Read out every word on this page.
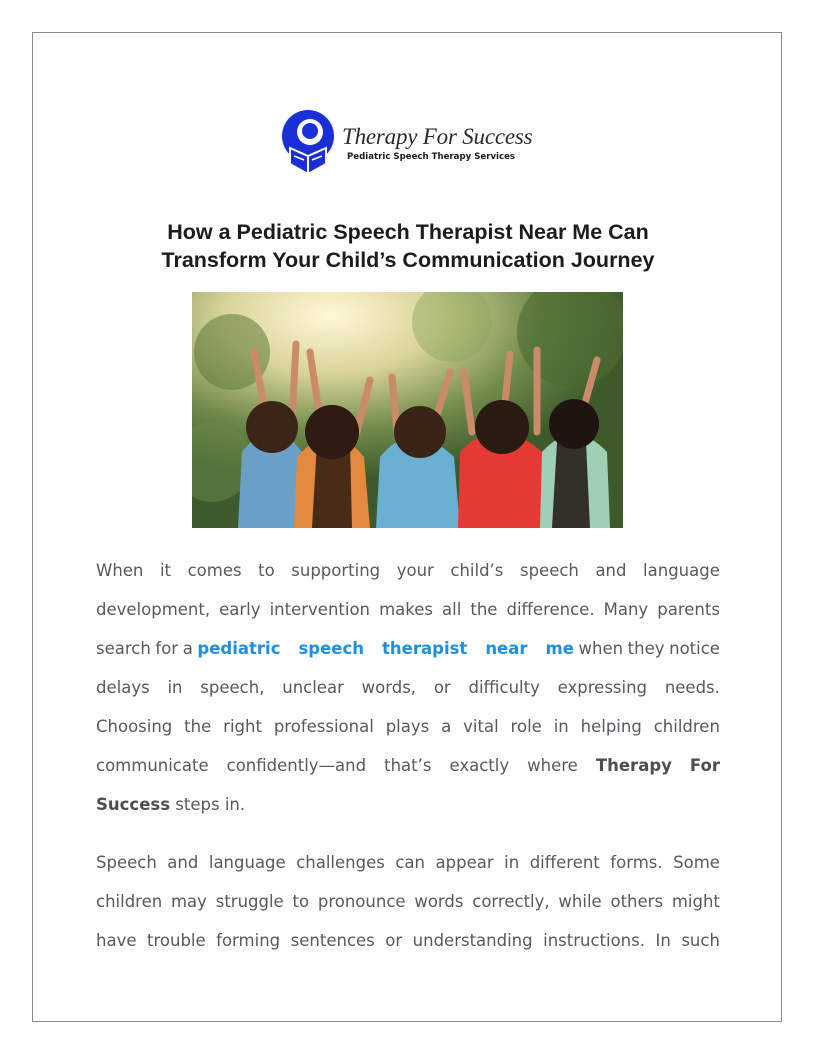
Therapy For Success
Pediatric Speech Therapy Services
How a Pediatric Speech Therapist Near Me Can
Transform Your Child’s Communication Journey
When it comes to supporting your child’s speech and language
development, early intervention makes all the difference. Many parents
search for a pediatric speech therapist near me when they notice
delays in speech, unclear words, or difficulty expressing needs.
Choosing the right professional plays a vital role in helping children
communicate confidently—and that’s exactly where Therapy For
Success steps in.
Speech and language challenges can appear in different forms. Some
children may struggle to pronounce words correctly, while others might
have trouble forming sentences or understanding instructions. In such
